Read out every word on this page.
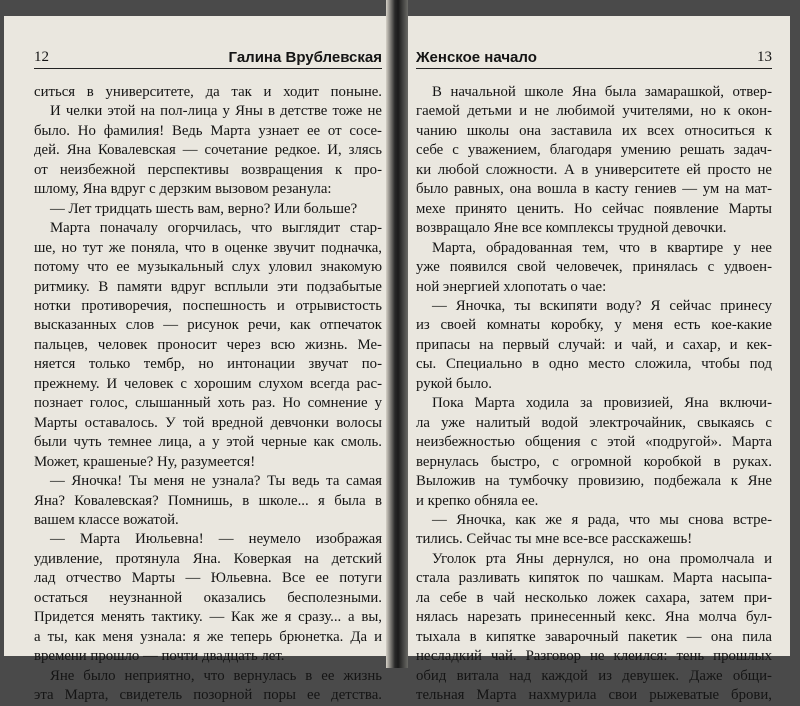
12	Галина Врублевская

ситься в университете, да так и ходит поныне.

И челки этой на пол-лица у Яны в детстве тоже не

было. Но фамилия! Ведь Марта узнает ее от сосе-

дей. Яна Ковалевская — сочетание редкое. И, злясь

от неизбежной перспективы возвращения к про-

шлому, Яна вдруг с дерзким вызовом резанула:

— Лет тридцать шесть вам, верно? Или больше?

Марта поначалу огорчилась, что выглядит стар-

ше, но тут же поняла, что в оценке звучит подначка,

потому что ее музыкальный слух уловил знакомую

ритмику. В памяти вдруг всплыли эти подзабытые

нотки противоречия, поспешность и отрывистость

высказанных слов — рисунок речи, как отпечаток

пальцев, человек проносит через всю жизнь. Ме-

няется только тембр, но интонации звучат по-

прежнему. И человек с хорошим слухом всегда рас-

познает голос, слышанный хоть раз. Но сомнение у

Марты оставалось. У той вредной девчонки волосы

были чуть темнее лица, а у этой черные как смоль.

Может, крашеные? Ну, разумеется!

— Яночка! Ты меня не узнала? Ты ведь та самая

Яна? Ковалевская? Помнишь, в школе... я была в

вашем классе вожатой.

— Марта Июльевна! — неумело изображая

удивление, протянула Яна. Коверкая на детский

лад отчество Марты — Юльевна. Все ее потуги

остаться неузнанной оказались бесполезными.

Придется менять тактику. — Как же я сразу... а вы,

а ты, как меня узнала: я же теперь брюнетка. Да и

времени прошло — почти двадцать лет.

Яне было неприятно, что вернулась в ее жизнь

эта Марта, свидетель позорной поры ее детства.

Женское начало	13

В начальной школе Яна была замарашкой, отвер-

гаемой детьми и не любимой учителями, но к окон-

чанию школы она заставила их всех относиться к

себе с уважением, благодаря умению решать задач-

ки любой сложности. А в университете ей просто не

было равных, она вошла в касту гениев — ум на мат-

мехе принято ценить. Но сейчас появление Марты

возвращало Яне все комплексы трудной девочки.

Марта, обрадованная тем, что в квартире у нее

уже появился свой человечек, принялась с удвоен-

ной энергией хлопотать о чае:

— Яночка, ты вскипяти воду? Я сейчас принесу

из своей комнаты коробку, у меня есть кое-какие

припасы на первый случай: и чай, и сахар, и кек-

сы. Специально в одно место сложила, чтобы под

рукой было.

Пока Марта ходила за провизией, Яна включи-

ла уже налитый водой электрочайник, свыкаясь с

неизбежностью общения с этой «подругой». Марта

вернулась быстро, с огромной коробкой в руках.

Выложив на тумбочку провизию, подбежала к Яне

и крепко обняла ее.

— Яночка, как же я рада, что мы снова встре-

тились. Сейчас ты мне все-все расскажешь!

Уголок рта Яны дернулся, но она промолчала и

стала разливать кипяток по чашкам. Марта насыпа-

ла себе в чай несколько ложек сахара, затем при-

нялась нарезать принесенный кекс. Яна молча бул-

тыхала в кипятке заварочный пакетик — она пила

несладкий чай. Разговор не клеился: тень прошлых

обид витала над каждой из девушек. Даже общи-

тельная Марта нахмурила свои рыжеватые брови,
